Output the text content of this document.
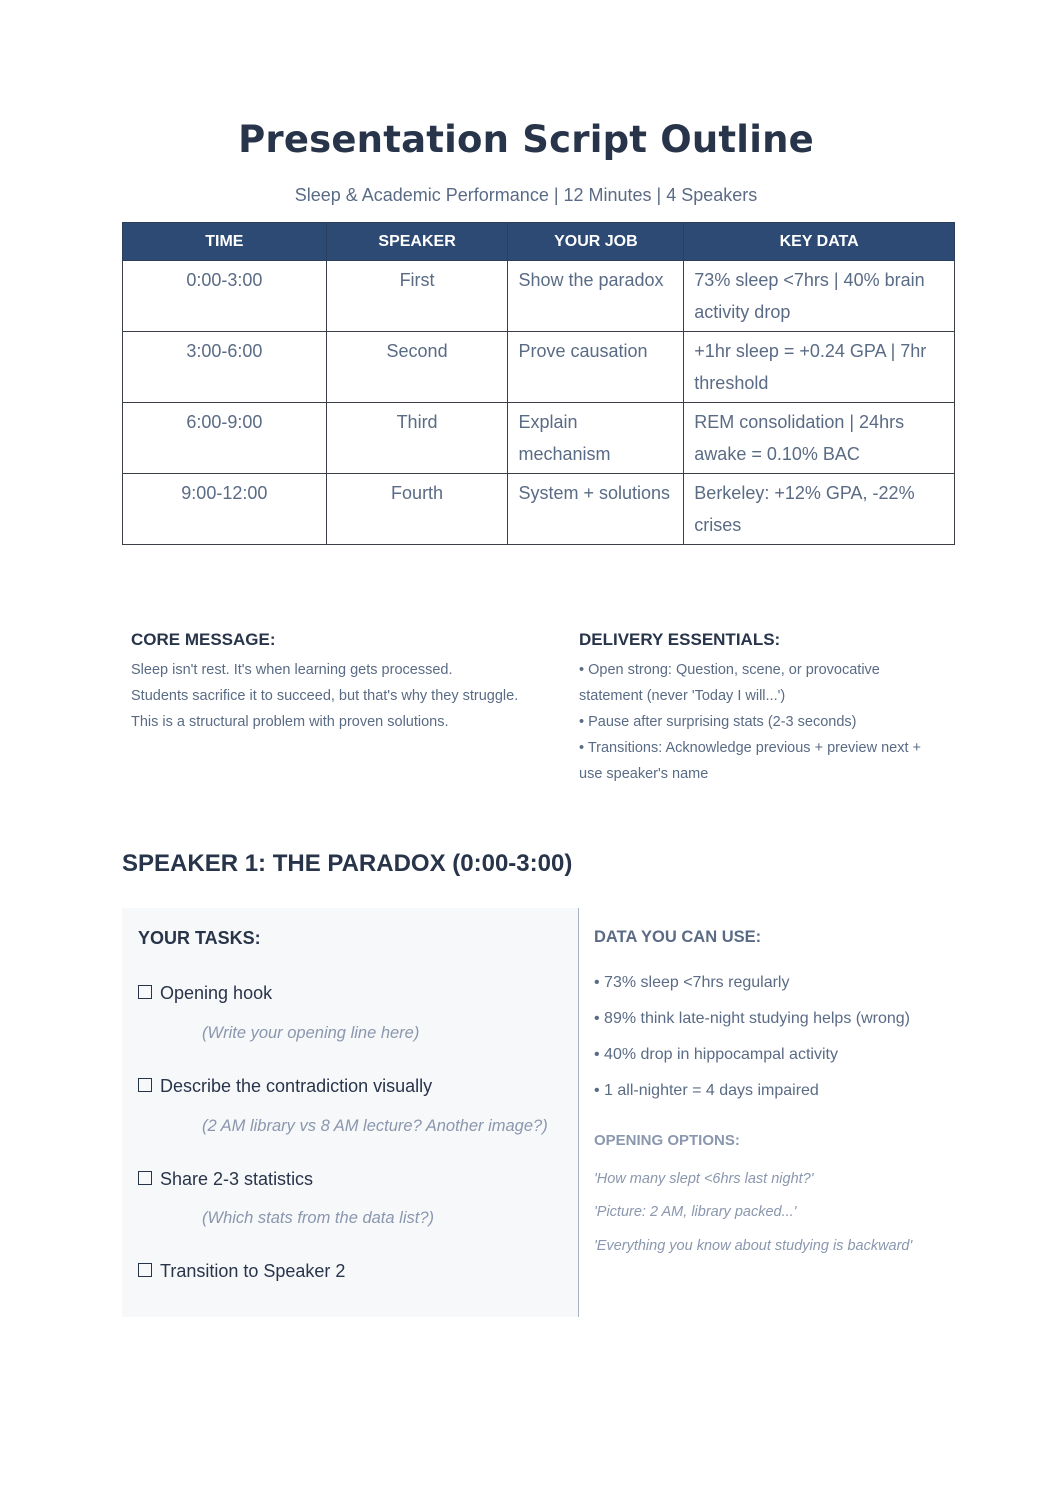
Presentation Script Outline
Sleep & Academic Performance | 12 Minutes | 4 Speakers
TIME	SPEAKER	YOUR JOB	KEY DATA
0:00-3:00	First	Show the paradox	73% sleep <7hrs | 40% brain activity drop
3:00-6:00	Second	Prove causation	+1hr sleep = +0.24 GPA | 7hr threshold
6:00-9:00	Third	Explain mechanism	REM consolidation | 24hrs awake = 0.10% BAC
9:00-12:00	Fourth	System + solutions	Berkeley: +12% GPA, -22% crises
CORE MESSAGE:
Sleep isn't rest. It's when learning gets processed.
Students sacrifice it to succeed, but that's why they struggle.
This is a structural problem with proven solutions.
DELIVERY ESSENTIALS:
• Open strong: Question, scene, or provocative statement (never 'Today I will...')
• Pause after surprising stats (2-3 seconds)
• Transitions: Acknowledge previous + preview next + use speaker's name
SPEAKER 1: THE PARADOX (0:00-3:00)
YOUR TASKS:
Opening hook
(Write your opening line here)
Describe the contradiction visually
(2 AM library vs 8 AM lecture? Another image?)
Share 2-3 statistics
(Which stats from the data list?)
Transition to Speaker 2
DATA YOU CAN USE:
• 73% sleep <7hrs regularly
• 89% think late-night studying helps (wrong)
• 40% drop in hippocampal activity
• 1 all-nighter = 4 days impaired
OPENING OPTIONS:
'How many slept <6hrs last night?'
'Picture: 2 AM, library packed...'
'Everything you know about studying is backward'
